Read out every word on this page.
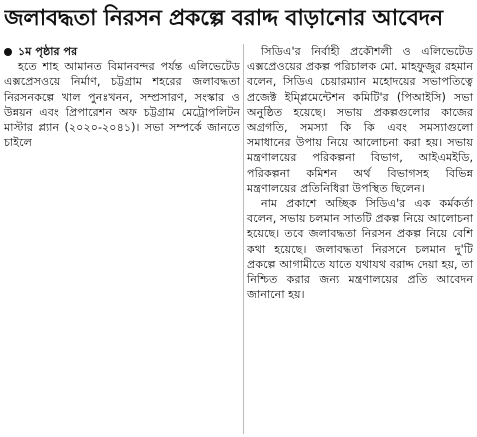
জলাবদ্ধতা নিরসন প্রকল্পে বরাদ্দ বাড়ানোর আবেদন
১ম পৃষ্ঠার পর

হতে শাহ আমানত বিমানবন্দর পর্যন্ত এলিভেটেড এক্সপ্রেসওয়ে নির্মাণ, চট্টগ্রাম শহরের জলাবদ্ধতা নিরসনকল্পে খাল পুনঃখনন, সম্প্রসারণ, সংস্কার ও উন্নয়ন এবং প্রিপারেশন অফ চট্টগ্রাম মেট্রোপলিটন মাস্টার প্ল্যান (২০২০-২০৪১)। সভা সম্পর্কে জানতে চাইলে

সিডিএ'র নির্বাহী প্রকৌশলী ও এলিভেটেড এক্সপ্রেওয়ের প্রকল্প পরিচালক মো. মাহফুজুর রহমান বলেন, সিডিএ চেয়ারম্যান মহোদয়ের সভাপতিত্বে প্রজেক্ট ইম্প্লিমেন্টেশন কমিটি'র (পিআইসি) সভা অনুষ্ঠিত হয়েছে। সভায় প্রকল্পগুলোর কাজের অগ্রগতি, সমস্যা কি কি এবং সমস্যাগুলো সমাধানের উপায় নিয়ে আলোচনা করা হয়। সভায় মন্ত্রণালয়ের পরিকল্পনা বিভাগ, আইএমইডি, পরিকল্পনা কমিশন অর্থ বিভাগসহ বিভিন্ন মন্ত্রণালয়ের প্রতিনিধিরা উপস্থিত ছিলেন।

নাম প্রকাশে অচ্ছিক সিডিএ'র এক কর্মকর্তা বলেন, সভায় চলমান সাতটি প্রকল্প নিয়ে আলোচনা হয়েছে। তবে জলাবদ্ধতা নিরসন প্রকল্প নিয়ে বেশি কথা হয়েছে। জলাবদ্ধতা নিরসনে চলমান দু'টি প্রকল্পে আগামীতে যাতে যথাযথ বরাদ্দ দেয়া হয়, তা নিশ্চিত করার জন্য মন্ত্রণালয়ের প্রতি আবেদন জানানো হয়।
